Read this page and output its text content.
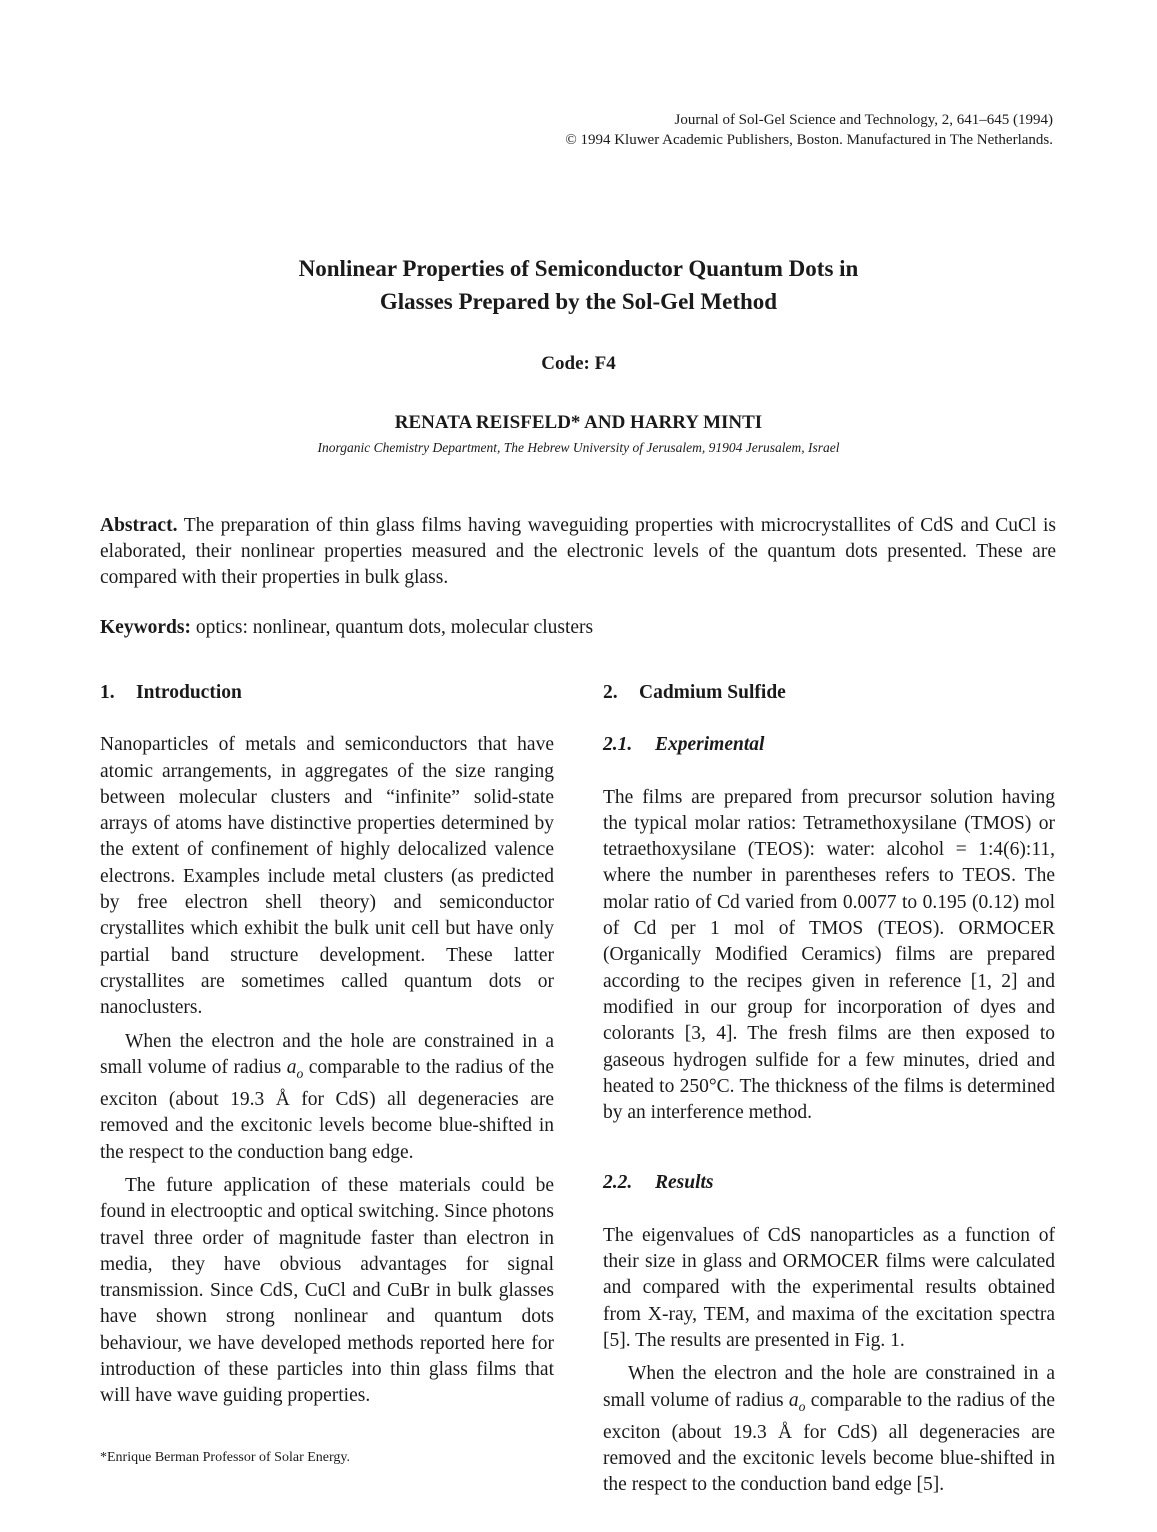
Journal of Sol-Gel Science and Technology, 2, 641–645 (1994)
© 1994 Kluwer Academic Publishers, Boston. Manufactured in The Netherlands.
Nonlinear Properties of Semiconductor Quantum Dots in
Glasses Prepared by the Sol-Gel Method
Code: F4
RENATA REISFELD* AND HARRY MINTI
Inorganic Chemistry Department, The Hebrew University of Jerusalem, 91904 Jerusalem, Israel

Abstract. The preparation of thin glass films having waveguiding properties with microcrystallites of CdS and CuCl is elaborated, their nonlinear properties measured and the electronic levels of the quantum dots presented. These are compared with their properties in bulk glass.

Keywords: optics: nonlinear, quantum dots, molecular clusters

1. Introduction

Nanoparticles of metals and semiconductors that have atomic arrangements, in aggregates of the size ranging between molecular clusters and “infinite” solid-state arrays of atoms have distinctive properties determined by the extent of confinement of highly delocalized valence electrons. Examples include metal clusters (as predicted by free electron shell theory) and semiconductor crystallites which exhibit the bulk unit cell but have only partial band structure development. These latter crystallites are sometimes called quantum dots or nanoclusters.

When the electron and the hole are constrained in a small volume of radius $a_o$ comparable to the radius of the exciton (about 19.3 Å for CdS) all degeneracies are removed and the excitonic levels become blue-shifted in the respect to the conduction bang edge.

The future application of these materials could be found in electrooptic and optical switching. Since photons travel three order of magnitude faster than electron in media, they have obvious advantages for signal transmission. Since CdS, CuCl and CuBr in bulk glasses have shown strong nonlinear and quantum dots behaviour, we have developed methods reported here for introduction of these particles into thin glass films that will have wave guiding properties.

2. Cadmium Sulfide
2.1. Experimental

The films are prepared from precursor solution having the typical molar ratios: Tetramethoxysilane (TMOS) or tetraethoxysilane (TEOS): water: alcohol = 1:4(6):11, where the number in parentheses refers to TEOS. The molar ratio of Cd varied from 0.0077 to 0.195 (0.12) mol of Cd per 1 mol of TMOS (TEOS). ORMOCER (Organically Modified Ceramics) films are prepared according to the recipes given in reference [1, 2] and modified in our group for incorporation of dyes and colorants [3, 4]. The fresh films are then exposed to gaseous hydrogen sulfide for a few minutes, dried and heated to 250°C. The thickness of the films is determined by an interference method.

2.2. Results

The eigenvalues of CdS nanoparticles as a function of their size in glass and ORMOCER films were calculated and compared with the experimental results obtained from X-ray, TEM, and maxima of the excitation spectra [5]. The results are presented in Fig. 1.

When the electron and the hole are constrained in a small volume of radius $a_o$ comparable to the radius of the exciton (about 19.3 Å for CdS) all degeneracies are removed and the excitonic levels become blue-shifted in the respect to the conduction band edge [5].

*Enrique Berman Professor of Solar Energy.
